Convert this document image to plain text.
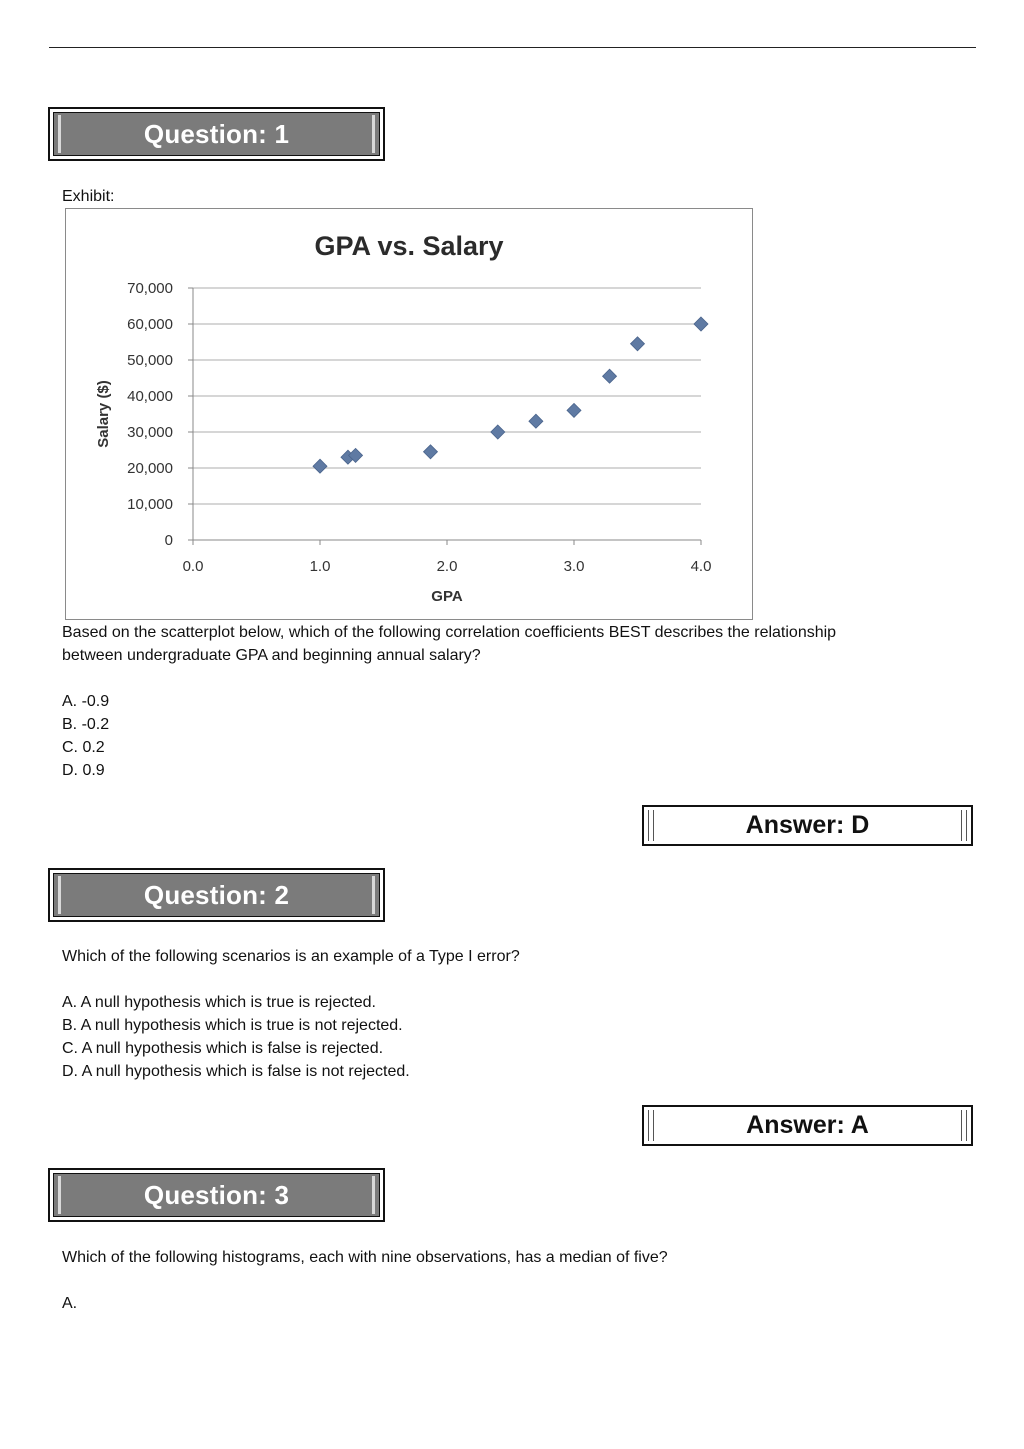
Question: 1
Exhibit:
0
10,000
20,000
30,000
40,000
50,000
60,000
70,000
0.0	1.0	2.0	3.0	4.0
GPA vs. Salary
GPA
Salary ($)
Based on the scatterplot below, which of the following correlation coefficients BEST describes the relationship
between undergraduate GPA and beginning annual salary?
A. -0.9
B. -0.2
C. 0.2
D. 0.9
Answer: D
Question: 2
Which of the following scenarios is an example of a Type I error?
A. A null hypothesis which is true is rejected.
B. A null hypothesis which is true is not rejected.
C. A null hypothesis which is false is rejected.
D. A null hypothesis which is false is not rejected.
Answer: A
Question: 3
Which of the following histograms, each with nine observations, has a median of five?
A.
